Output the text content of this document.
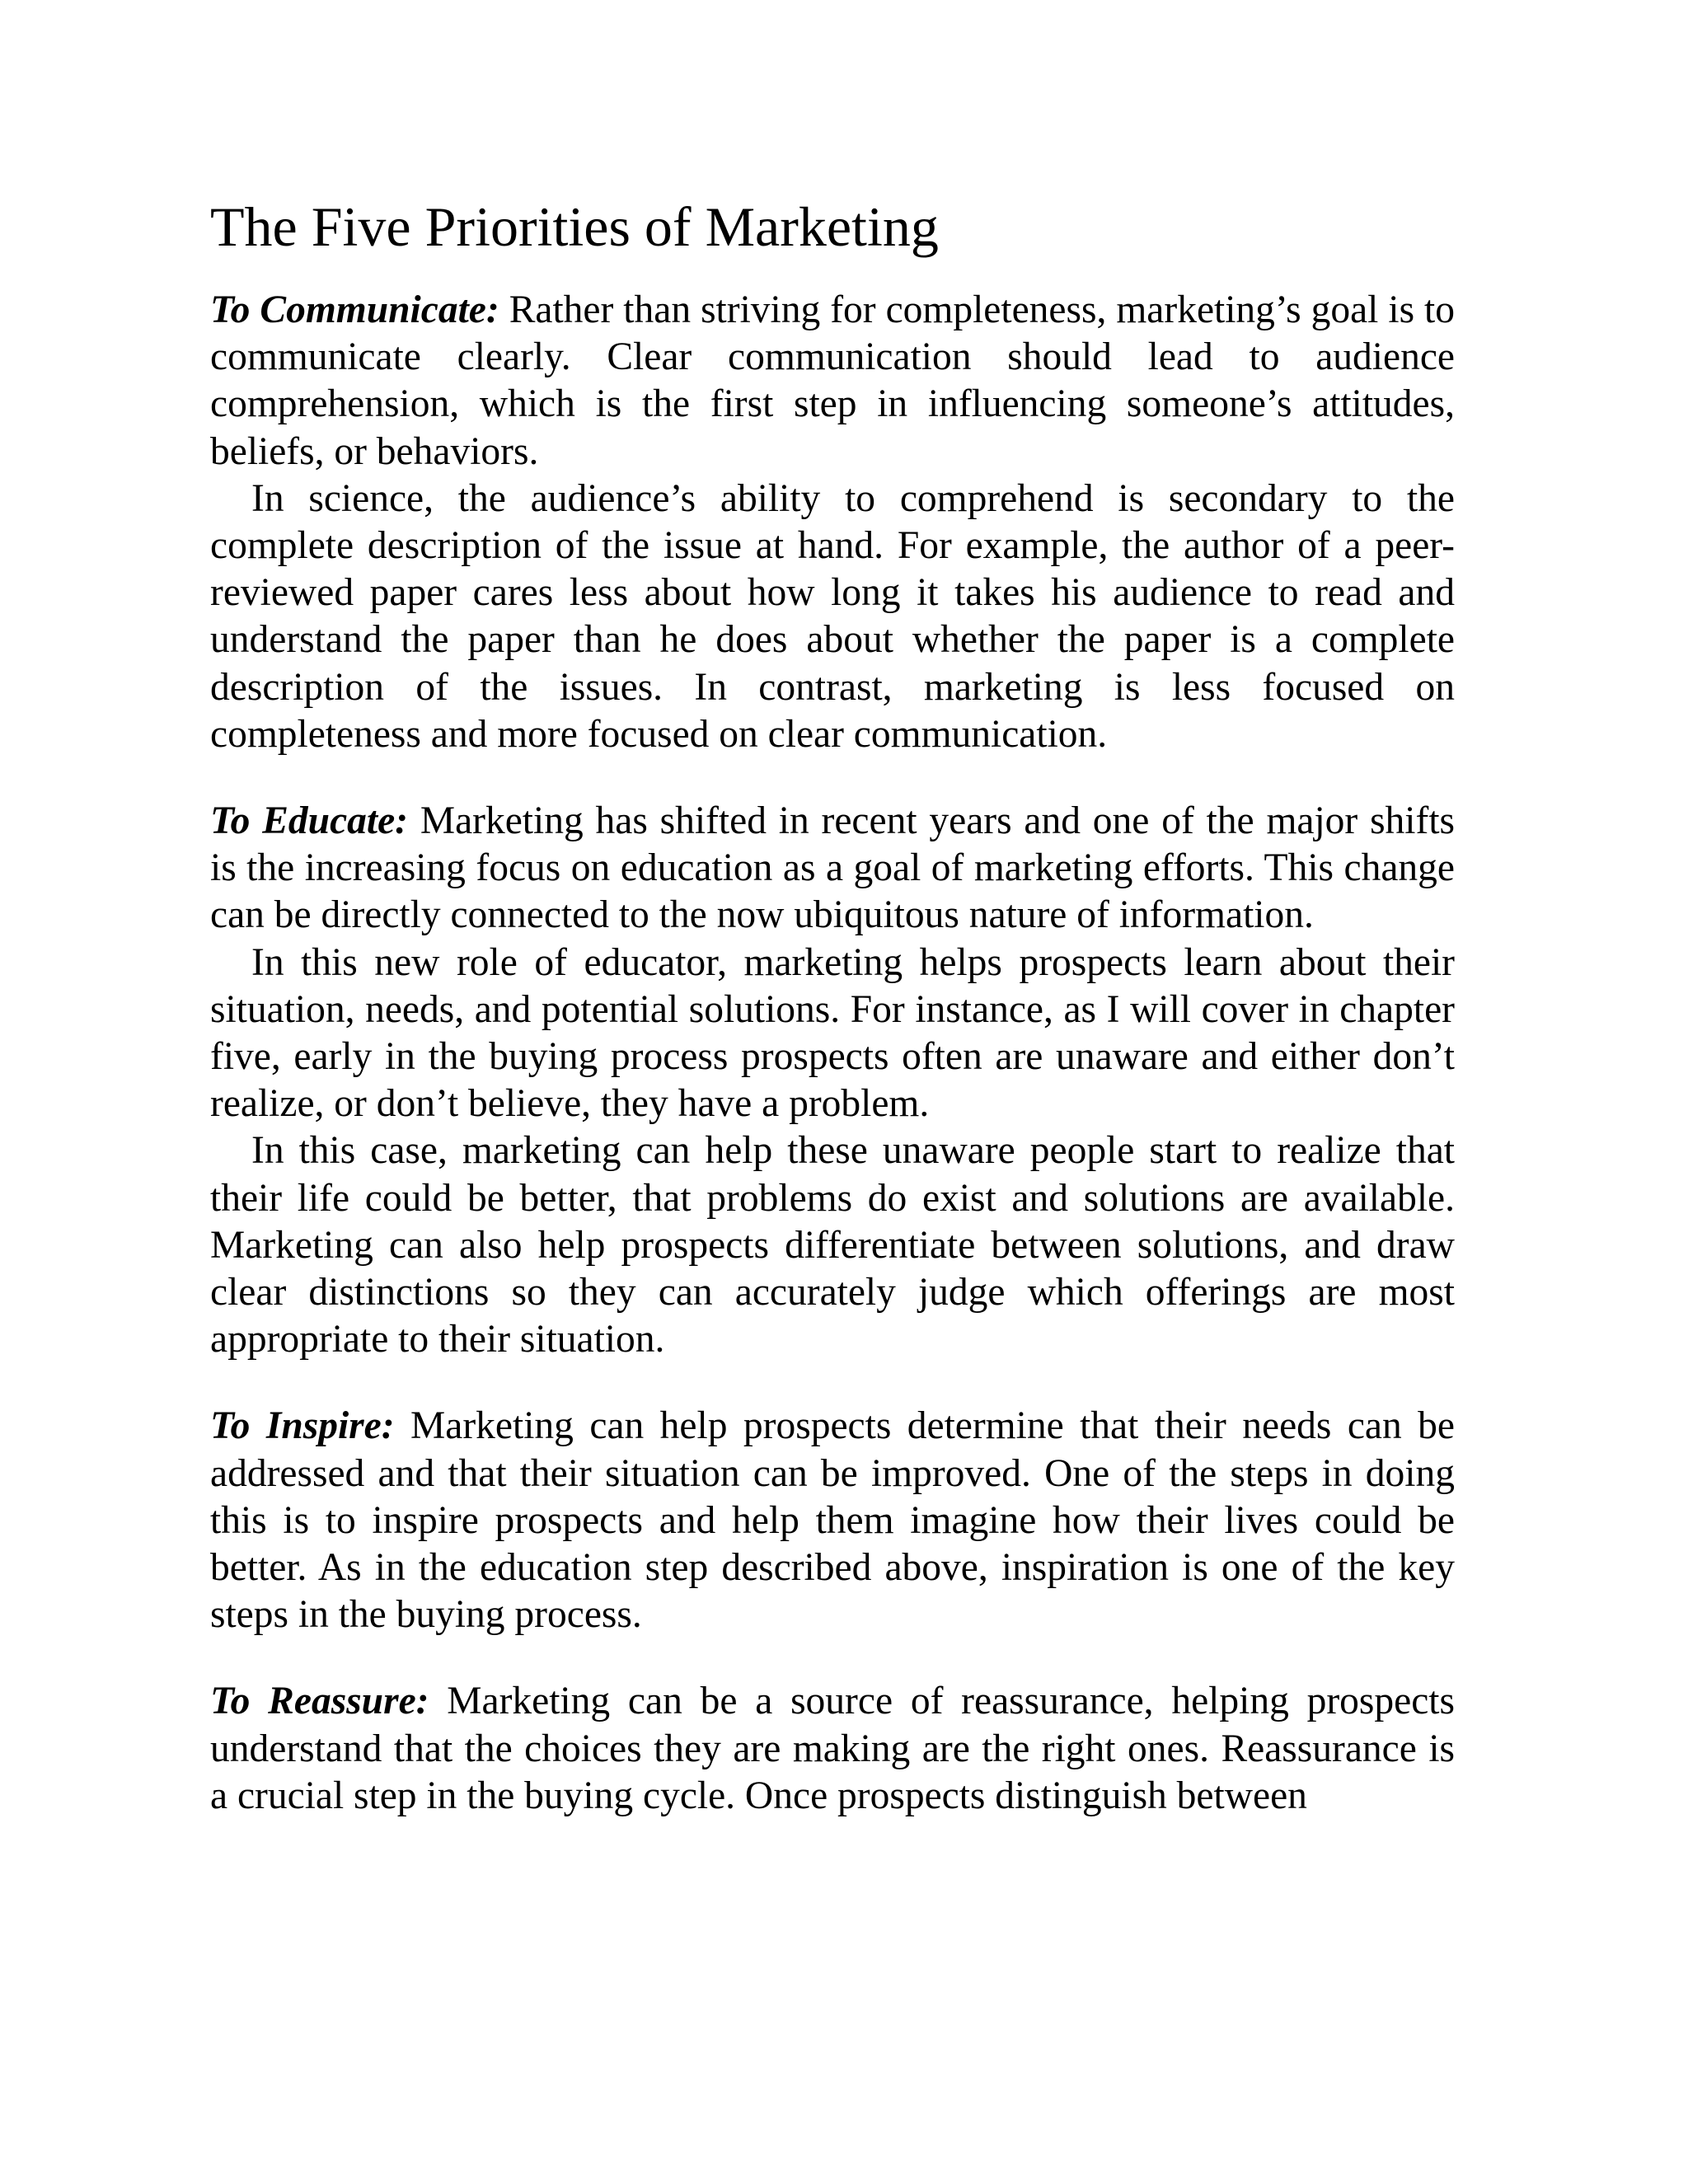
The Five Priorities of Marketing

To Communicate: Rather than striving for completeness, marketing’s goal is to communicate clearly. Clear communication should lead to audience comprehension, which is the first step in influencing someone’s attitudes, beliefs, or behaviors.

In science, the audience’s ability to comprehend is secondary to the complete description of the issue at hand. For example, the author of a peer-reviewed paper cares less about how long it takes his audience to read and understand the paper than he does about whether the paper is a complete description of the issues. In contrast, marketing is less focused on completeness and more focused on clear communication.

To Educate: Marketing has shifted in recent years and one of the major shifts is the increasing focus on education as a goal of marketing efforts. This change can be directly connected to the now ubiquitous nature of information.

In this new role of educator, marketing helps prospects learn about their situation, needs, and potential solutions. For instance, as I will cover in chapter five, early in the buying process prospects often are unaware and either don’t realize, or don’t believe, they have a problem.

In this case, marketing can help these unaware people start to realize that their life could be better, that problems do exist and solutions are available. Marketing can also help prospects differentiate between solutions, and draw clear distinctions so they can accurately judge which offerings are most appropriate to their situation.

To Inspire: Marketing can help prospects determine that their needs can be addressed and that their situation can be improved. One of the steps in doing this is to inspire prospects and help them imagine how their lives could be better. As in the education step described above, inspiration is one of the key steps in the buying process.

To Reassure: Marketing can be a source of reassurance, helping prospects understand that the choices they are making are the right ones. Reassurance is a crucial step in the buying cycle. Once prospects distinguish between
